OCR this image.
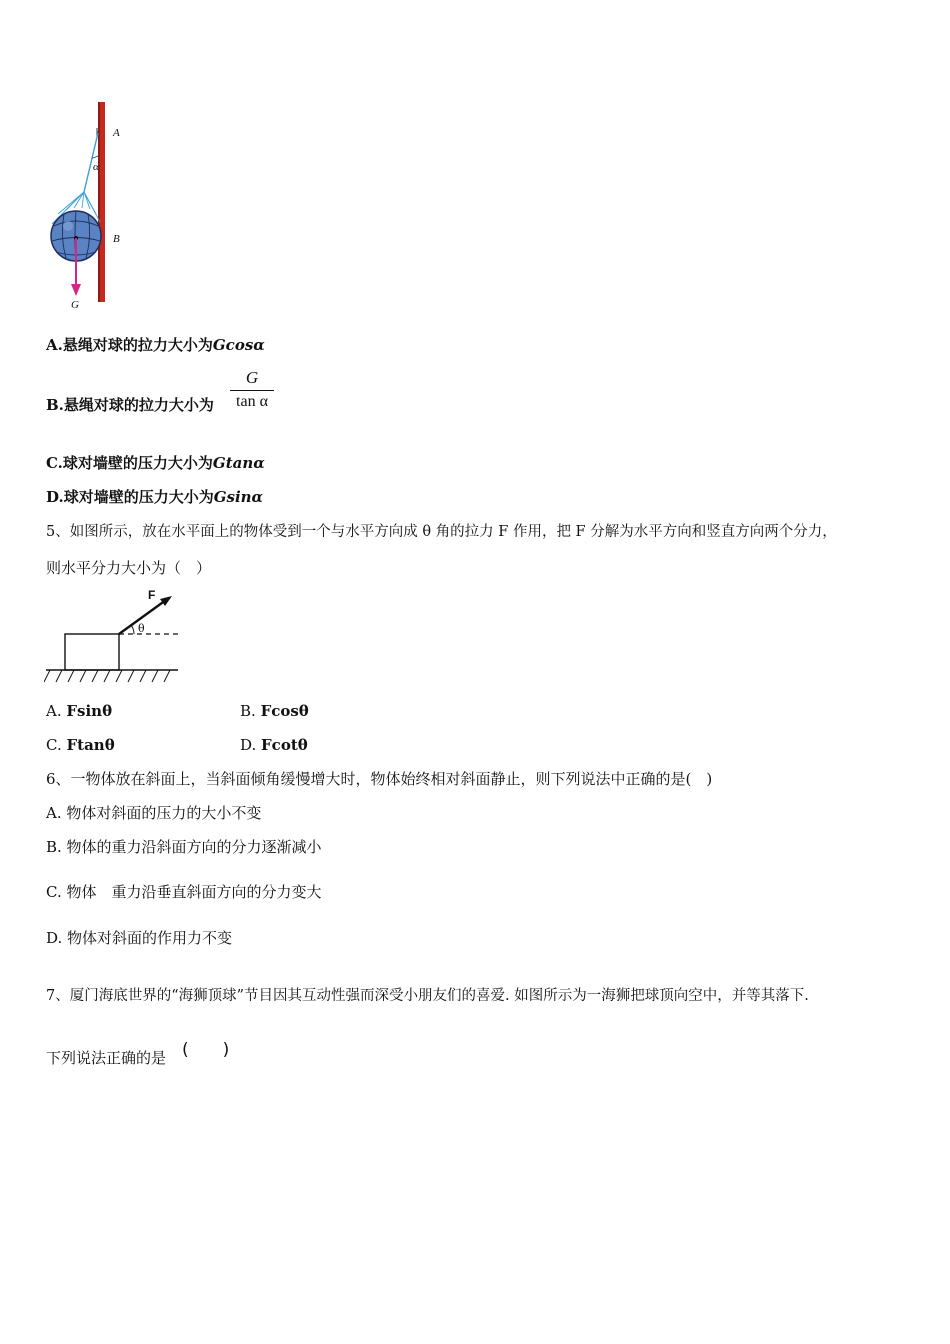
A
α
B
G
A.悬绳对球的拉力大小为Gcosα
B.悬绳对球的拉力大小为
G
tan α
C.球对墙壁的压力大小为Gtanα
D.球对墙壁的压力大小为Gsinα
5、如图所示，放在水平面上的物体受到一个与水平方向成 θ 角的拉力 F 作用，把 F 分解为水平方向和竖直方向两个分力，
则水平分力大小为（　）
F
θ
A. Fsinθ	B. Fcosθ
C. Ftanθ	D. Fcotθ
6、一物体放在斜面上，当斜面倾角缓慢增大时，物体始终相对斜面静止，则下列说法中正确的是(　)
A. 物体对斜面的压力的大小不变
B. 物体的重力沿斜面方向的分力逐渐减小
C. 物体　重力沿垂直斜面方向的分力变大
D. 物体对斜面的作用力不变
7、厦门海底世界的“海狮顶球”节目因其互动性强而深受小朋友们的喜爱. 如图所示为一海狮把球顶向空中，并等其落下.
下列说法正确的是 (　　)
